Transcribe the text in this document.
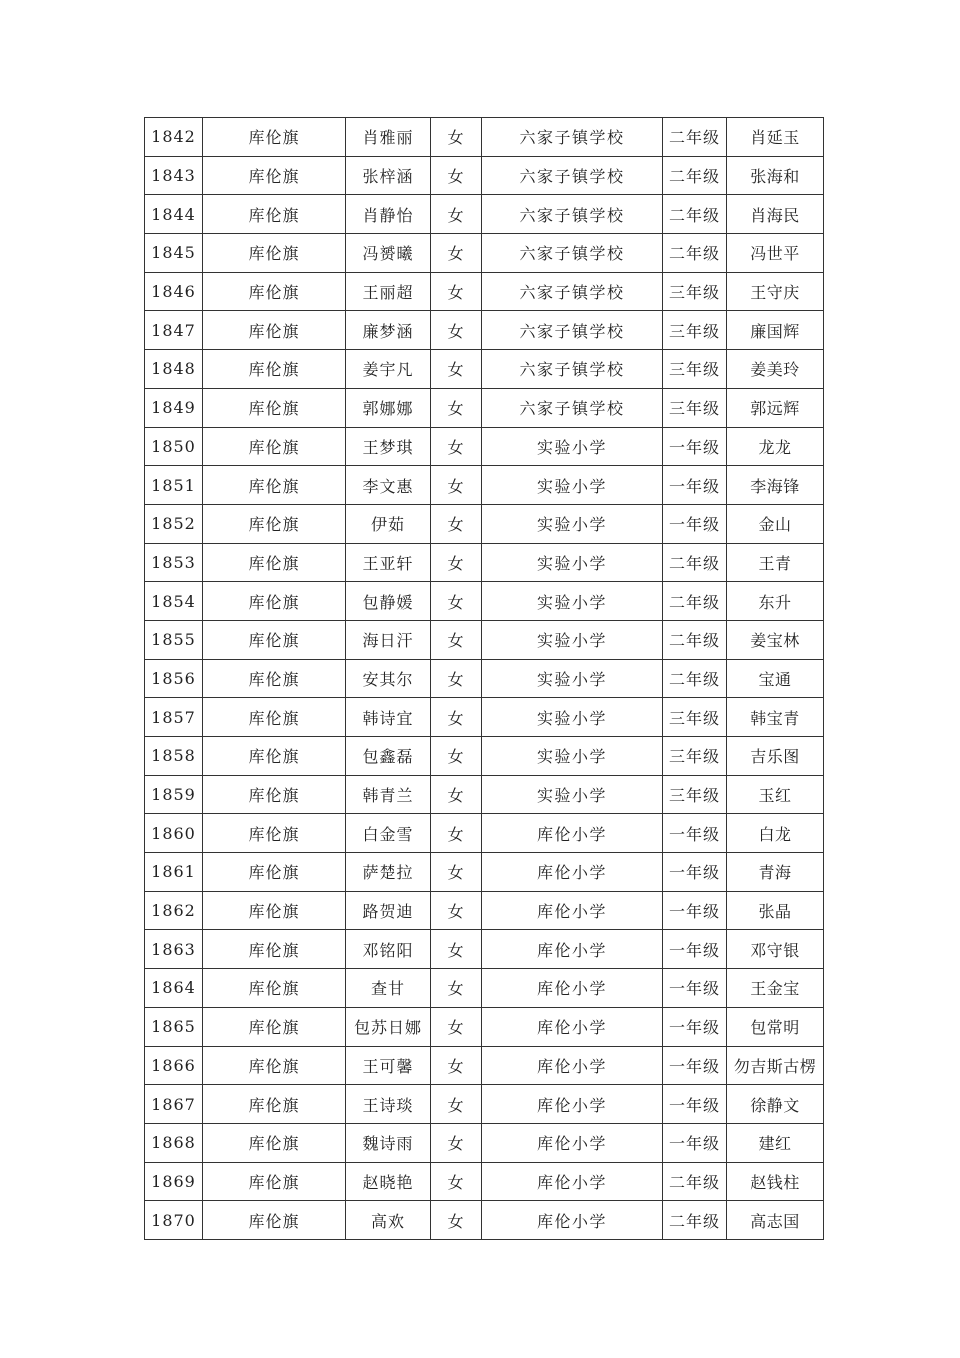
1842	库伦旗	肖雅丽	女	六家子镇学校	二年级	肖延玉
1843	库伦旗	张梓涵	女	六家子镇学校	二年级	张海和
1844	库伦旗	肖静怡	女	六家子镇学校	二年级	肖海民
1845	库伦旗	冯赟曦	女	六家子镇学校	二年级	冯世平
1846	库伦旗	王丽超	女	六家子镇学校	三年级	王守庆
1847	库伦旗	廉梦涵	女	六家子镇学校	三年级	廉国辉
1848	库伦旗	姜宇凡	女	六家子镇学校	三年级	姜美玲
1849	库伦旗	郭娜娜	女	六家子镇学校	三年级	郭远辉
1850	库伦旗	王梦琪	女	实验小学	一年级	龙龙
1851	库伦旗	李文惠	女	实验小学	一年级	李海锋
1852	库伦旗	伊茹	女	实验小学	一年级	金山
1853	库伦旗	王亚轩	女	实验小学	二年级	王青
1854	库伦旗	包静媛	女	实验小学	二年级	东升
1855	库伦旗	海日汗	女	实验小学	二年级	姜宝林
1856	库伦旗	安其尔	女	实验小学	二年级	宝通
1857	库伦旗	韩诗宜	女	实验小学	三年级	韩宝青
1858	库伦旗	包鑫磊	女	实验小学	三年级	吉乐图
1859	库伦旗	韩青兰	女	实验小学	三年级	玉红
1860	库伦旗	白金雪	女	库伦小学	一年级	白龙
1861	库伦旗	萨楚拉	女	库伦小学	一年级	青海
1862	库伦旗	路贺迪	女	库伦小学	一年级	张晶
1863	库伦旗	邓铭阳	女	库伦小学	一年级	邓守银
1864	库伦旗	查甘	女	库伦小学	一年级	王金宝
1865	库伦旗	包苏日娜	女	库伦小学	一年级	包常明
1866	库伦旗	王可馨	女	库伦小学	一年级	勿吉斯古楞
1867	库伦旗	王诗琰	女	库伦小学	一年级	徐静文
1868	库伦旗	魏诗雨	女	库伦小学	一年级	建红
1869	库伦旗	赵晓艳	女	库伦小学	二年级	赵钱柱
1870	库伦旗	高欢	女	库伦小学	二年级	高志国
